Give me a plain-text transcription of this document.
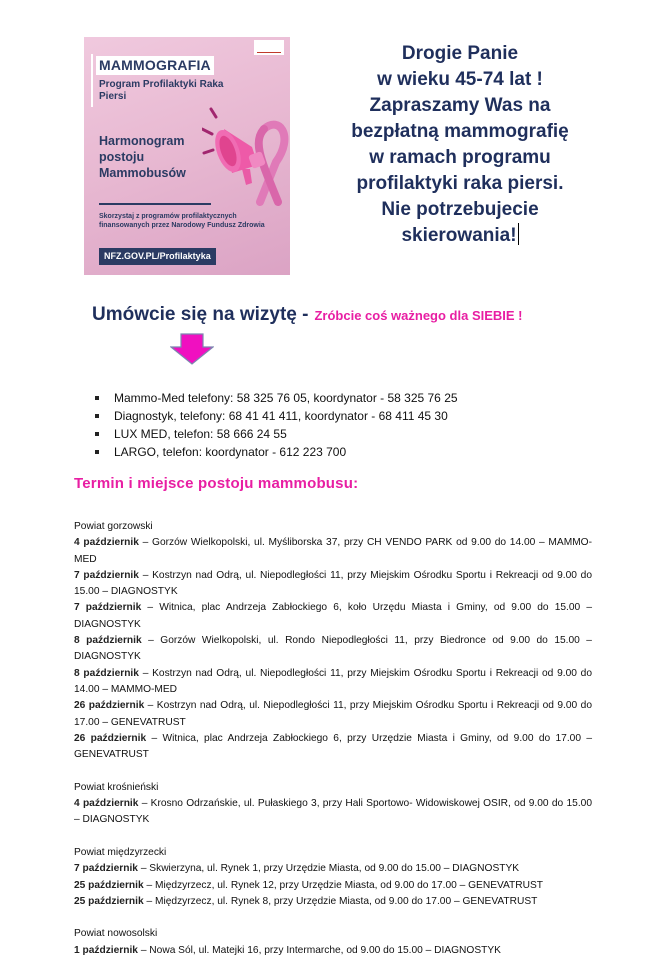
MAMMOGRAFIA
Program Profilaktyki Raka Piersi
Harmonogram postoju Mammobusów
Skorzystaj z programów profilaktycznych finansowanych przez Narodowy Fundusz Zdrowia
NFZ.GOV.PL/Profilaktyka
Drogie Panie
w wieku 45-74 lat !
Zapraszamy Was na
bezpłatną mammografię
w ramach programu
profilaktyki raka piersi.
Nie potrzebujecie
skierowania!
Umówcie się na wizytę - Zróbcie coś ważnego dla SIEBIE !
Mammo-Med telefony: 58 325 76 05, koordynator - 58 325 76 25
Diagnostyk, telefony: 68 41 41 411, koordynator - 68 411 45 30
LUX MED, telefon: 58 666 24 55
LARGO, telefon: koordynator - 612 223 700
Termin i miejsce postoju mammobusu:
Powiat gorzowski
4 październik – Gorzów Wielkopolski, ul. Myśliborska 37, przy CH VENDO PARK od 9.00 do 14.00 – MAMMO-MED
7 październik – Kostrzyn nad Odrą, ul. Niepodległości 11, przy Miejskim Ośrodku Sportu i Rekreacji od 9.00 do 15.00 – DIAGNOSTYK
7 październik – Witnica, plac Andrzeja Zabłockiego 6, koło Urzędu Miasta i Gminy, od 9.00 do 15.00 – DIAGNOSTYK
8 październik – Gorzów Wielkopolski, ul. Rondo Niepodległości 11, przy Biedronce od 9.00 do 15.00 – DIAGNOSTYK
8 październik – Kostrzyn nad Odrą, ul. Niepodległości 11, przy Miejskim Ośrodku Sportu i Rekreacji od 9.00 do 14.00 – MAMMO-MED
26 październik – Kostrzyn nad Odrą, ul. Niepodległości 11, przy Miejskim Ośrodku Sportu i Rekreacji od 9.00 do 17.00 – GENEVATRUST
26 październik – Witnica, plac Andrzeja Zabłockiego 6, przy Urzędzie Miasta i Gminy, od 9.00 do 17.00 – GENEVATRUST
Powiat krośnieński
4 październik – Krosno Odrzańskie, ul. Pułaskiego 3, przy Hali Sportowo- Widowiskowej OSIR, od 9.00 do 15.00 – DIAGNOSTYK
Powiat międzyrzecki
7 październik – Skwierzyna, ul. Rynek 1, przy Urzędzie Miasta, od 9.00 do 15.00 – DIAGNOSTYK
25 październik – Międzyrzecz, ul. Rynek 12, przy Urzędzie Miasta, od 9.00 do 17.00 – GENEVATRUST
25 październik – Międzyrzecz, ul. Rynek 8, przy Urzędzie Miasta, od 9.00 do 17.00 – GENEVATRUST
Powiat nowosolski
1 październik – Nowa Sól, ul. Matejki 16, przy Intermarche, od 9.00 do 15.00 – DIAGNOSTYK
